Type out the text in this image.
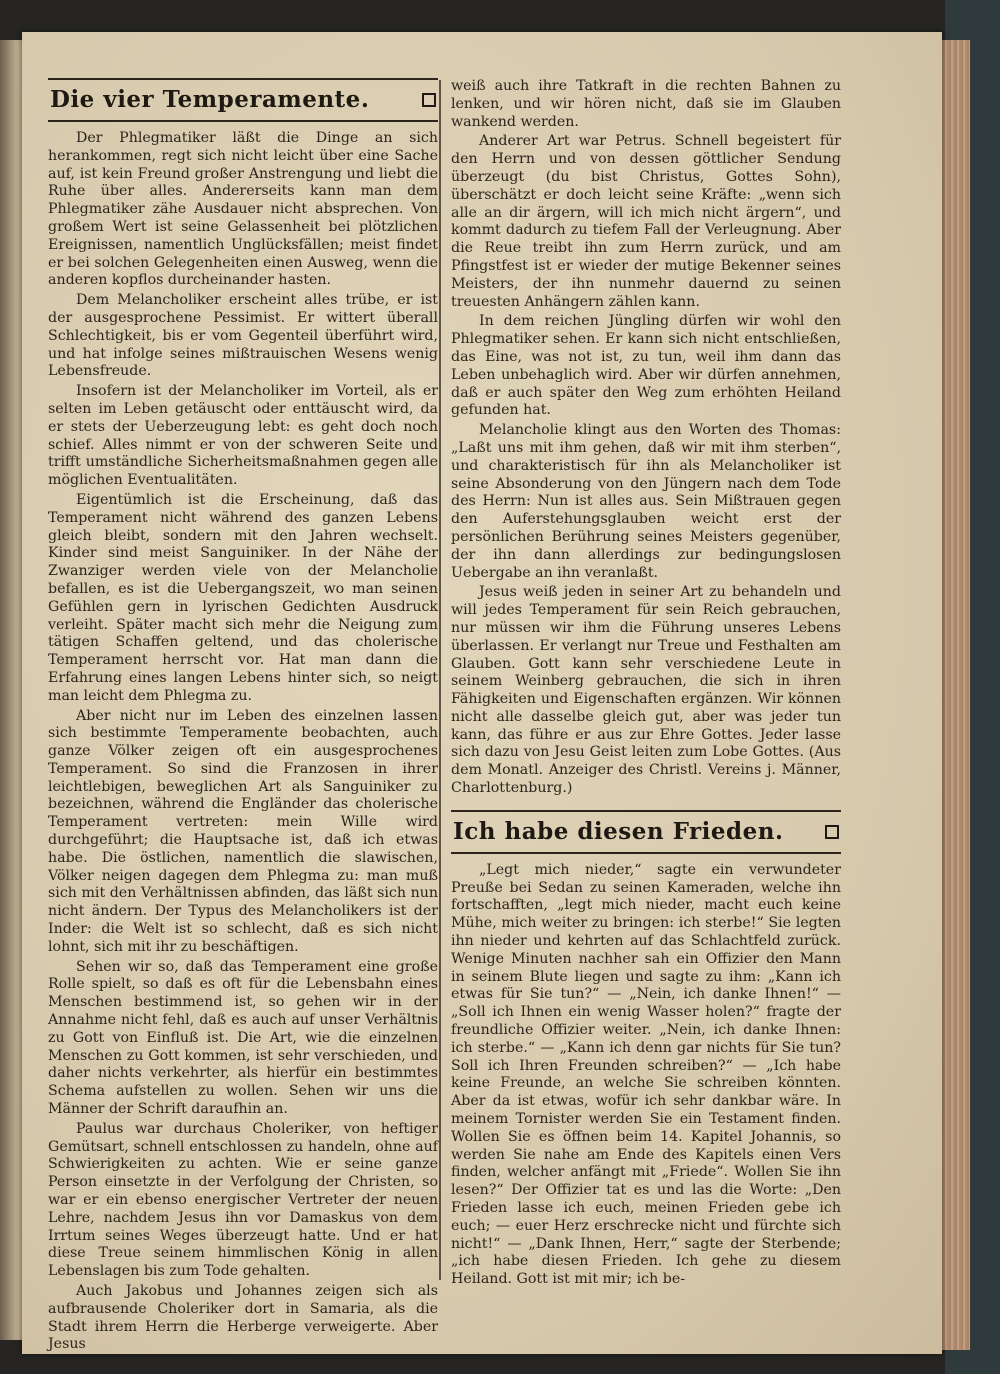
Die vier Temperamente.

Der Phlegmatiker läßt die Dinge an sich herankommen, regt sich nicht leicht über eine Sache auf, ist kein Freund großer Anstrengung und liebt die Ruhe über alles. Andererseits kann man dem Phlegmatiker zähe Ausdauer nicht absprechen. Von großem Wert ist seine Gelassenheit bei plötzlichen Ereignissen, namentlich Unglücksfällen; meist findet er bei solchen Gelegenheiten einen Ausweg, wenn die anderen kopflos durcheinander hasten.

Dem Melancholiker erscheint alles trübe, er ist der ausgesprochene Pessimist. Er wittert überall Schlechtigkeit, bis er vom Gegenteil überführt wird, und hat infolge seines mißtrauischen Wesens wenig Lebensfreude.

Insofern ist der Melancholiker im Vorteil, als er selten im Leben getäuscht oder enttäuscht wird, da er stets der Ueberzeugung lebt: es geht doch noch schief. Alles nimmt er von der schweren Seite und trifft umständliche Sicherheitsmaßnahmen gegen alle möglichen Eventualitäten.

Eigentümlich ist die Erscheinung, daß das Temperament nicht während des ganzen Lebens gleich bleibt, sondern mit den Jahren wechselt. Kinder sind meist Sanguiniker. In der Nähe der Zwanziger werden viele von der Melancholie befallen, es ist die Uebergangszeit, wo man seinen Gefühlen gern in lyrischen Gedichten Ausdruck verleiht. Später macht sich mehr die Neigung zum tätigen Schaffen geltend, und das cholerische Temperament herrscht vor. Hat man dann die Erfahrung eines langen Lebens hinter sich, so neigt man leicht dem Phlegma zu.

Aber nicht nur im Leben des einzelnen lassen sich bestimmte Temperamente beobachten, auch ganze Völker zeigen oft ein ausgesprochenes Temperament. So sind die Franzosen in ihrer leichtlebigen, beweglichen Art als Sanguiniker zu bezeichnen, während die Engländer das cholerische Temperament vertreten: mein Wille wird durchgeführt; die Hauptsache ist, daß ich etwas habe. Die östlichen, namentlich die slawischen, Völker neigen dagegen dem Phlegma zu: man muß sich mit den Verhältnissen abfinden, das läßt sich nun nicht ändern. Der Typus des Melancholikers ist der Inder: die Welt ist so schlecht, daß es sich nicht lohnt, sich mit ihr zu beschäftigen.

Sehen wir so, daß das Temperament eine große Rolle spielt, so daß es oft für die Lebensbahn eines Menschen bestimmend ist, so gehen wir in der Annahme nicht fehl, daß es auch auf unser Verhältnis zu Gott von Einfluß ist. Die Art, wie die einzelnen Menschen zu Gott kommen, ist sehr verschieden, und daher nichts verkehrter, als hierfür ein bestimmtes Schema aufstellen zu wollen. Sehen wir uns die Männer der Schrift daraufhin an.

Paulus war durchaus Choleriker, von heftiger Gemütsart, schnell entschlossen zu handeln, ohne auf Schwierigkeiten zu achten. Wie er seine ganze Person einsetzte in der Verfolgung der Christen, so war er ein ebenso energischer Vertreter der neuen Lehre, nachdem Jesus ihn vor Damaskus von dem Irrtum seines Weges überzeugt hatte. Und er hat diese Treue seinem himmlischen König in allen Lebenslagen bis zum Tode gehalten.

Auch Jakobus und Johannes zeigen sich als aufbrausende Choleriker dort in Samaria, als die Stadt ihrem Herrn die Herberge verweigerte. Aber Jesus

weiß auch ihre Tatkraft in die rechten Bahnen zu lenken, und wir hören nicht, daß sie im Glauben wankend werden.

Anderer Art war Petrus. Schnell begeistert für den Herrn und von dessen göttlicher Sendung überzeugt (du bist Christus, Gottes Sohn), überschätzt er doch leicht seine Kräfte: „wenn sich alle an dir ärgern, will ich mich nicht ärgern“, und kommt dadurch zu tiefem Fall der Verleugnung. Aber die Reue treibt ihn zum Herrn zurück, und am Pfingstfest ist er wieder der mutige Bekenner seines Meisters, der ihn nunmehr dauernd zu seinen treuesten Anhängern zählen kann.

In dem reichen Jüngling dürfen wir wohl den Phlegmatiker sehen. Er kann sich nicht entschließen, das Eine, was not ist, zu tun, weil ihm dann das Leben unbehaglich wird. Aber wir dürfen annehmen, daß er auch später den Weg zum erhöhten Heiland gefunden hat.

Melancholie klingt aus den Worten des Thomas: „Laßt uns mit ihm gehen, daß wir mit ihm sterben“, und charakteristisch für ihn als Melancholiker ist seine Absonderung von den Jüngern nach dem Tode des Herrn: Nun ist alles aus. Sein Mißtrauen gegen den Auferstehungsglauben weicht erst der persönlichen Berührung seines Meisters gegenüber, der ihn dann allerdings zur bedingungslosen Uebergabe an ihn veranlaßt.

Jesus weiß jeden in seiner Art zu behandeln und will jedes Temperament für sein Reich gebrauchen, nur müssen wir ihm die Führung unseres Lebens überlassen. Er verlangt nur Treue und Festhalten am Glauben. Gott kann sehr verschiedene Leute in seinem Weinberg gebrauchen, die sich in ihren Fähigkeiten und Eigenschaften ergänzen. Wir können nicht alle dasselbe gleich gut, aber was jeder tun kann, das führe er aus zur Ehre Gottes. Jeder lasse sich dazu von Jesu Geist leiten zum Lobe Gottes. (Aus dem Monatl. Anzeiger des Christl. Vereins j. Männer, Charlottenburg.)

Ich habe diesen Frieden.

„Legt mich nieder,“ sagte ein verwundeter Preuße bei Sedan zu seinen Kameraden, welche ihn fortschafften, „legt mich nieder, macht euch keine Mühe, mich weiter zu bringen: ich sterbe!“ Sie legten ihn nieder und kehrten auf das Schlachtfeld zurück. Wenige Minuten nachher sah ein Offizier den Mann in seinem Blute liegen und sagte zu ihm: „Kann ich etwas für Sie tun?“ — „Nein, ich danke Ihnen!“ — „Soll ich Ihnen ein wenig Wasser holen?“ fragte der freundliche Offizier weiter. „Nein, ich danke Ihnen: ich sterbe.“ — „Kann ich denn gar nichts für Sie tun? Soll ich Ihren Freunden schreiben?“ — „Ich habe keine Freunde, an welche Sie schreiben könnten. Aber da ist etwas, wofür ich sehr dankbar wäre. In meinem Tornister werden Sie ein Testament finden. Wollen Sie es öffnen beim 14. Kapitel Johannis, so werden Sie nahe am Ende des Kapitels einen Vers finden, welcher anfängt mit „Friede“. Wollen Sie ihn lesen?“ Der Offizier tat es und las die Worte: „Den Frieden lasse ich euch, meinen Frieden gebe ich euch; — euer Herz erschrecke nicht und fürchte sich nicht!“ — „Dank Ihnen, Herr,“ sagte der Sterbende; „ich habe diesen Frieden. Ich gehe zu diesem Heiland. Gott ist mit mir; ich be-
